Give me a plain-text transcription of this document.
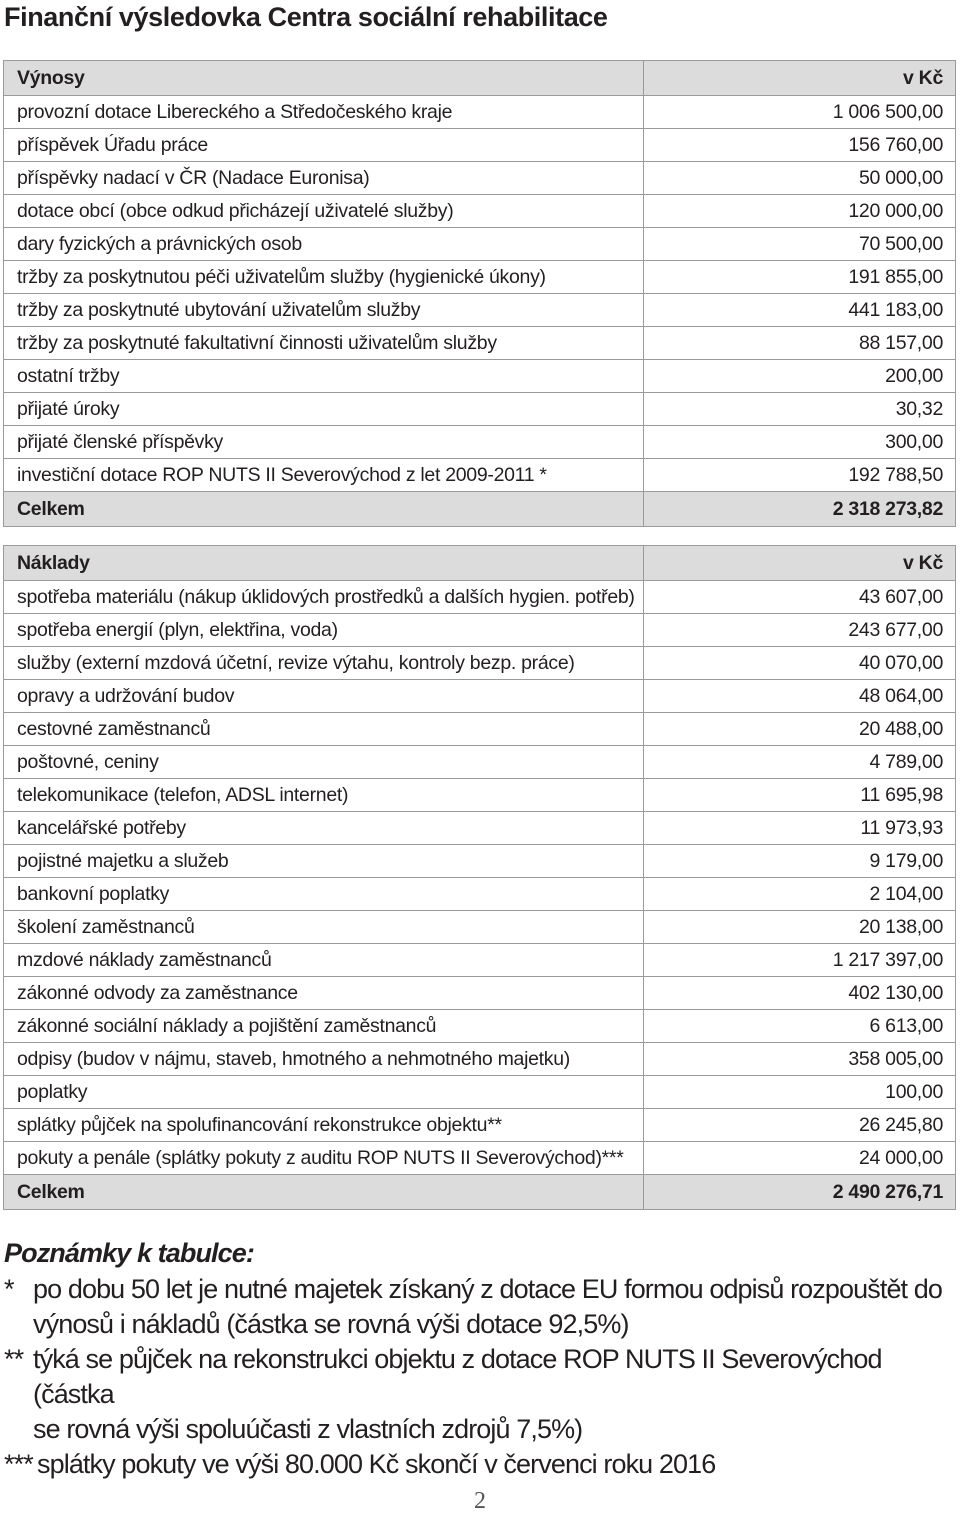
Finanční výsledovka Centra sociální rehabilitace
Výnosy	v Kč
provozní dotace Libereckého a Středočeského kraje	1 006 500,00
příspěvek Úřadu práce	156 760,00
příspěvky nadací v ČR (Nadace Euronisa)	50 000,00
dotace obcí (obce odkud přicházejí uživatelé služby)	120 000,00
dary fyzických a právnických osob	70 500,00
tržby za poskytnutou péči uživatelům služby (hygienické úkony)	191 855,00
tržby za poskytnuté ubytování uživatelům služby	441 183,00
tržby za poskytnuté fakultativní činnosti uživatelům služby	88 157,00
ostatní tržby	200,00
přijaté úroky	30,32
přijaté členské příspěvky	300,00
investiční dotace ROP NUTS II Severovýchod z let 2009-2011 *	192 788,50
Celkem	2 318 273,82
Náklady	v Kč
spotřeba materiálu (nákup úklidových prostředků a dalších hygien. potřeb)	43 607,00
spotřeba energií (plyn, elektřina, voda)	243 677,00
služby (externí mzdová účetní, revize výtahu, kontroly bezp. práce)	40 070,00
opravy a udržování budov	48 064,00
cestovné zaměstnanců	20 488,00
poštovné, ceniny	4 789,00
telekomunikace (telefon, ADSL internet)	11 695,98
kancelářské potřeby	11 973,93
pojistné majetku a služeb	9 179,00
bankovní poplatky	2 104,00
školení zaměstnanců	20 138,00
mzdové náklady zaměstnanců	1 217 397,00
zákonné odvody za zaměstnance	402 130,00
zákonné sociální náklady a pojištění zaměstnanců	6 613,00
odpisy (budov v nájmu, staveb, hmotného a nehmotného majetku)	358 005,00
poplatky	100,00
splátky půjček na spolufinancování rekonstrukce objektu**	26 245,80
pokuty a penále (splátky pokuty z auditu ROP NUTS II Severovýchod)***	24 000,00
Celkem	2 490 276,71
Poznámky k tabulce:
* po dobu 50 let je nutné majetek získaný z dotace EU formou odpisů rozpouštět do
výnosů i nákladů (částka se rovná výši dotace 92,5%)
** týká se půjček na rekonstrukci objektu z dotace ROP NUTS II Severovýchod (částka
se rovná výši spoluúčasti z vlastních zdrojů 7,5%)
*** splátky pokuty ve výši 80.000 Kč skončí v červenci roku 2016
2
